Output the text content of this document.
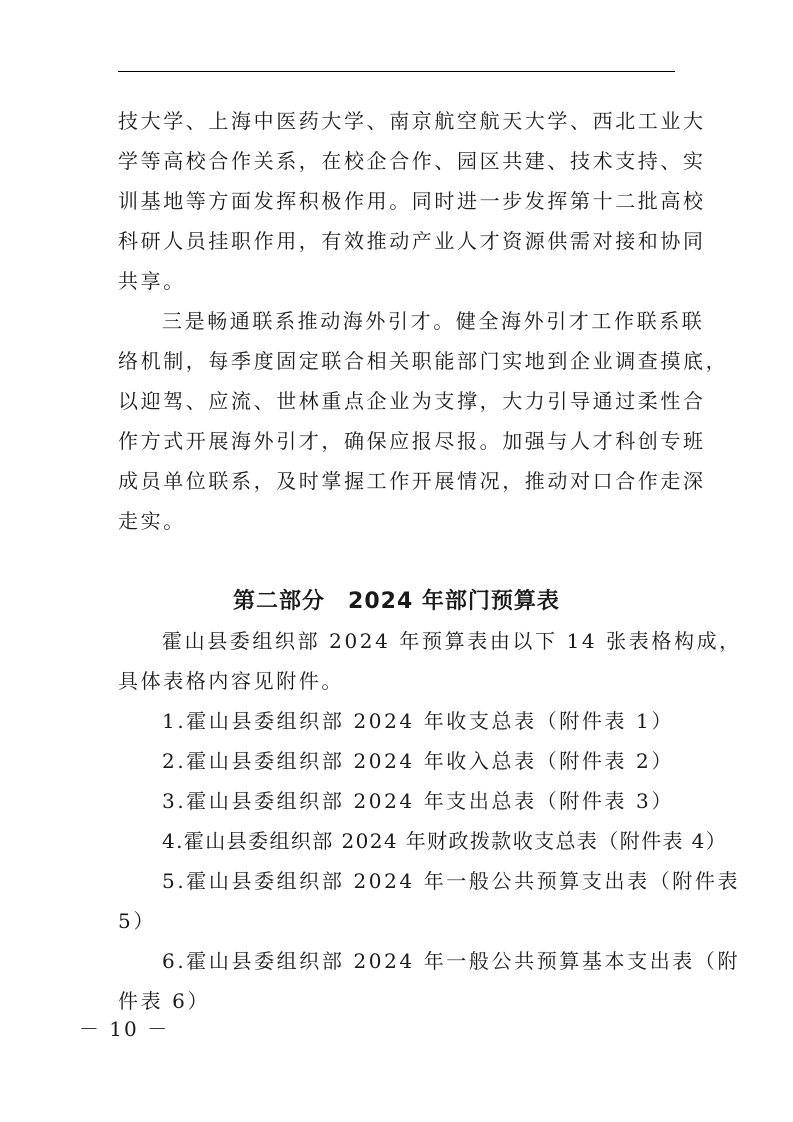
技大学、上海中医药大学、南京航空航天大学、西北工业大
学等高校合作关系，在校企合作、园区共建、技术支持、实
训基地等方面发挥积极作用。同时进一步发挥第十二批高校
科研人员挂职作用，有效推动产业人才资源供需对接和协同
共享。
三是畅通联系推动海外引才。健全海外引才工作联系联
络机制，每季度固定联合相关职能部门实地到企业调查摸底，
以迎驾、应流、世林重点企业为支撑，大力引导通过柔性合
作方式开展海外引才，确保应报尽报。加强与人才科创专班
成员单位联系，及时掌握工作开展情况，推动对口合作走深
走实。
第二部分　2024 年部门预算表
霍山县委组织部 2024 年预算表由以下 14 张表格构成，
具体表格内容见附件。
1.霍山县委组织部 2024 年收支总表（附件表 1）
2.霍山县委组织部 2024 年收入总表（附件表 2）
3.霍山县委组织部 2024 年支出总表（附件表 3）
4.霍山县委组织部 2024 年财政拨款收支总表（附件表 4）
5.霍山县委组织部 2024 年一般公共预算支出表（附件表
5）
6.霍山县委组织部 2024 年一般公共预算基本支出表（附
件表 6）
－ 10 －
